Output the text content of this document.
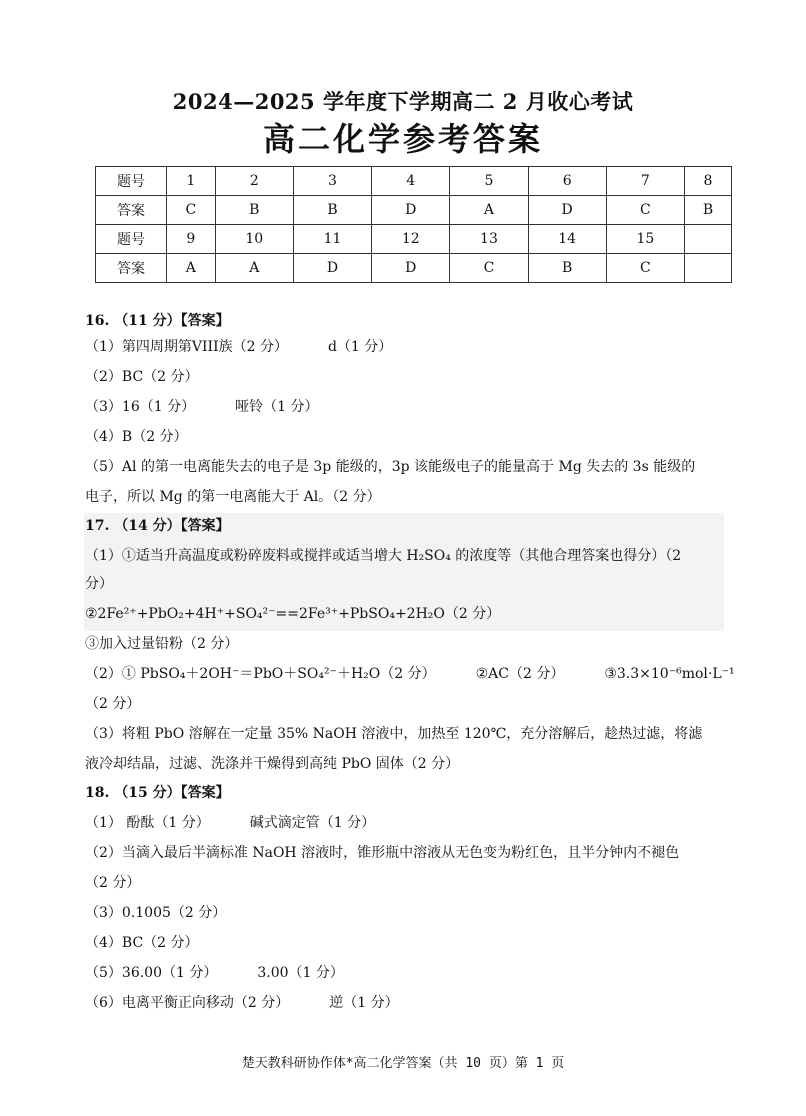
2024—2025 学年度下学期高二 2 月收心考试
高二化学参考答案
题号	1	2	3	4	5	6	7	8
答案	C	B	B	D	A	D	C	B
题号	9	10	11	12	13	14	15	
答案	A	A	D	D	C	B	C	
16. （11 分）【答案】
（1）第四周期第VIII族（2 分）	d（1 分）
（2）BC（2 分）
（3）16（1 分）	哑铃（1 分）
（4）B（2 分）
（5）Al 的第一电离能失去的电子是 3p 能级的，3p 该能级电子的能量高于 Mg 失去的 3s 能级的
电子，所以 Mg 的第一电离能大于 Al。（2 分）
17. （14 分）【答案】
（1）①适当升高温度或粉碎废料或搅拌或适当增大 H₂SO₄ 的浓度等（其他合理答案也得分）（2
分）
②2Fe²⁺+PbO₂+4H⁺+SO₄²⁻==2Fe³⁺+PbSO₄+2H₂O（2 分）
③加入过量铅粉（2 分）
（2）① PbSO₄＋2OH⁻＝PbO＋SO₄²⁻＋H₂O（2 分）	②AC（2 分）	③3.3×10⁻⁶mol·L⁻¹
（2 分）
（3）将粗 PbO 溶解在一定量 35% NaOH 溶液中，加热至 120℃，充分溶解后，趁热过滤，将滤
液冷却结晶，过滤、洗涤并干燥得到高纯 PbO 固体（2 分）
18. （15 分）【答案】
（1） 酚酞（1 分）	碱式滴定管（1 分）
（2）当滴入最后半滴标准 NaOH 溶液时，锥形瓶中溶液从无色变为粉红色，且半分钟内不褪色
（2 分）
（3）0.1005（2 分）
（4）BC（2 分）
（5）36.00（1 分）	3.00（1 分）
（6）电离平衡正向移动（2 分）	逆（1 分）
楚天教科研协作体*高二化学答案（共 10 页）第 1 页
